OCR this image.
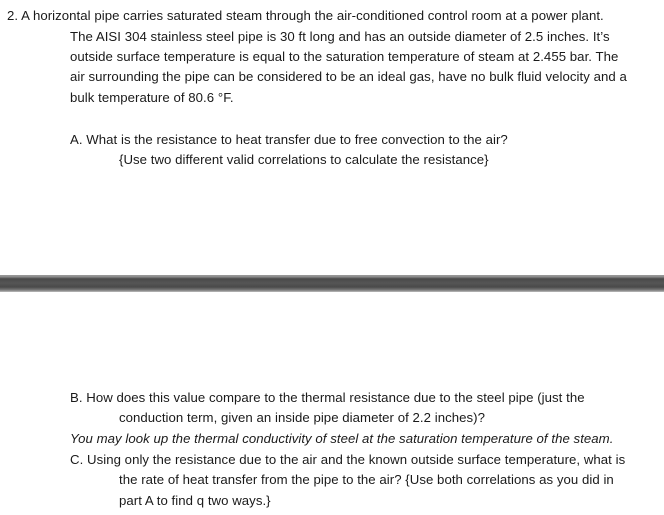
2. A horizontal pipe carries saturated steam through the air-conditioned control room at a power plant.
The AISI 304 stainless steel pipe is 30 ft long and has an outside diameter of 2.5 inches. It’s
outside surface temperature is equal to the saturation temperature of steam at 2.455 bar. The
air surrounding the pipe can be considered to be an ideal gas, have no bulk fluid velocity and a
bulk temperature of 80.6 °F.
A. What is the resistance to heat transfer due to free convection to the air?
{Use two different valid correlations to calculate the resistance}
B. How does this value compare to the thermal resistance due to the steel pipe (just the
conduction term, given an inside pipe diameter of 2.2 inches)?
You may look up the thermal conductivity of steel at the saturation temperature of the steam.
C. Using only the resistance due to the air and the known outside surface temperature, what is
the rate of heat transfer from the pipe to the air? {Use both correlations as you did in
part A to find q two ways.}
